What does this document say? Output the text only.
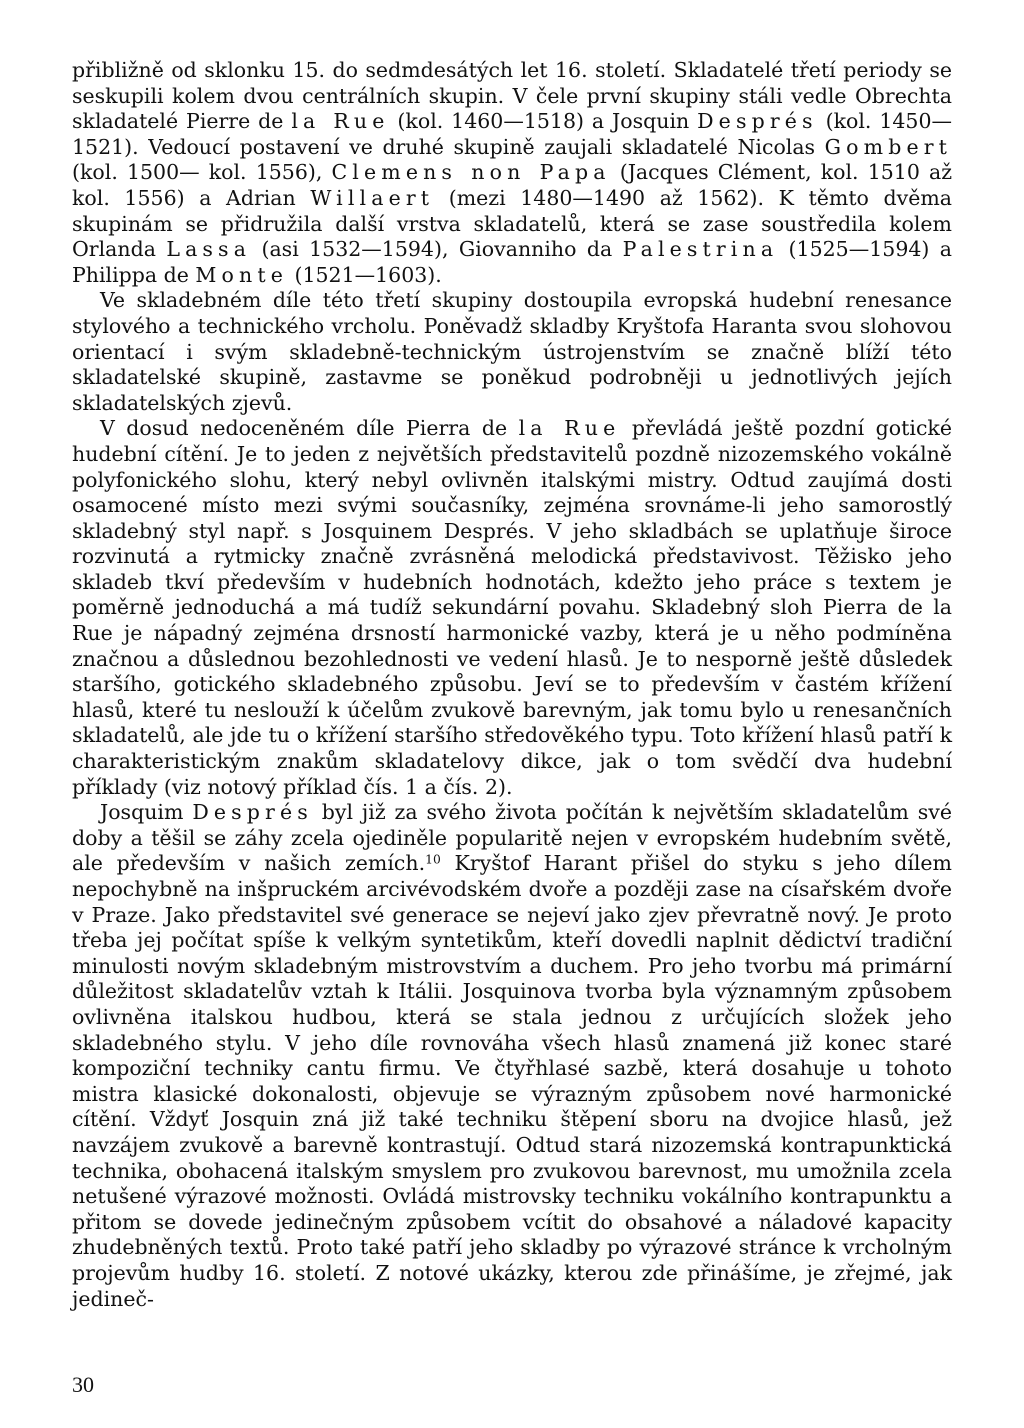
přibližně od sklonku 15. do sedmdesátých let 16. století. Skladatelé třetí periody se seskupili kolem dvou centrálních skupin. V čele první skupiny stáli vedle Obrechta skladatelé Pierre de la Rue (kol. 1460—1518) a Josquin Després (kol. 1450—1521). Vedoucí postavení ve druhé skupině zaujali skladatelé Nicolas Gombert (kol. 1500— kol. 1556), Clemens non Papa (Jacques Clément, kol. 1510 až kol. 1556) a Adrian Willaert (mezi 1480—1490 až 1562). K těmto dvěma skupinám se přidružila další vrstva skladatelů, která se zase soustředila kolem Orlanda Lassa (asi 1532—1594), Giovanniho da Palestrina (1525—1594) a Philippa de Monte (1521—1603).

Ve skladebném díle této třetí skupiny dostoupila evropská hudební renesance stylového a technického vrcholu. Poněvadž skladby Kryštofa Haranta svou slohovou orientací i svým skladebně-technickým ústrojenstvím se značně blíží této skladatelské skupině, zastavme se poněkud podrobněji u jednotlivých jejích skladatelských zjevů.

V dosud nedoceněném díle Pierra de la Rue převládá ještě pozdní gotické hudební cítění. Je to jeden z největších představitelů pozdně nizozemského vokálně polyfonického slohu, který nebyl ovlivněn italskými mistry. Odtud zaujímá dosti osamocené místo mezi svými současníky, zejména srovnáme-li jeho samorostlý skladebný styl např. s Josquinem Després. V jeho skladbách se uplatňuje široce rozvinutá a rytmicky značně zvrásněná melodická představivost. Těžisko jeho skladeb tkví především v hudebních hodnotách, kdežto jeho práce s textem je poměrně jednoduchá a má tudíž sekundární povahu. Skladebný sloh Pierra de la Rue je nápadný zejména drsností harmonické vazby, která je u něho podmíněna značnou a důslednou bezohlednosti ve vedení hlasů. Je to nesporně ještě důsledek staršího, gotického skladebného způsobu. Jeví se to především v častém křížení hlasů, které tu neslouží k účelům zvukově barevným, jak tomu bylo u renesančních skladatelů, ale jde tu o křížení staršího středověkého typu. Toto křížení hlasů patří k charakteristickým znakům skladatelovy dikce, jak o tom svědčí dva hudební příklady (viz notový příklad čís. 1 a čís. 2).

Josquim Després byl již za svého života počítán k největším skladatelům své doby a těšil se záhy zcela ojediněle popularitě nejen v evropském hudebním světě, ale především v našich zemích.$^{10}$ Kryštof Harant přišel do styku s jeho dílem nepochybně na inšpruckém arcivévodském dvoře a později zase na císařském dvoře v Praze. Jako představitel své generace se nejeví jako zjev převratně nový. Je proto třeba jej počítat spíše k velkým syntetikům, kteří dovedli naplnit dědictví tradiční minulosti novým skladebným mistrovstvím a duchem. Pro jeho tvorbu má primární důležitost skladatelův vztah k Itálii. Josquinova tvorba byla významným způsobem ovlivněna italskou hudbou, která se stala jednou z určujících složek jeho skladebného stylu. V jeho díle rovnováha všech hlasů znamená již konec staré kompoziční techniky cantu firmu. Ve čtyřhlasé sazbě, která dosahuje u tohoto mistra klasické dokonalosti, objevuje se výrazným způsobem nové harmonické cítění. Vždyť Josquin zná již také techniku štěpení sboru na dvojice hlasů, jež navzájem zvukově a barevně kontrastují. Odtud stará nizozemská kontrapunktická technika, obohacená italským smyslem pro zvukovou barevnost, mu umožnila zcela netušené výrazové možnosti. Ovládá mistrovsky techniku vokálního kontrapunktu a přitom se dovede jedinečným způsobem vcítit do obsahové a náladové kapacity zhudebněných textů. Proto také patří jeho skladby po výrazové stránce k vrcholným projevům hudby 16. století. Z notové ukázky, kterou zde přinášíme, je zřejmé, jak jedineč-

30
